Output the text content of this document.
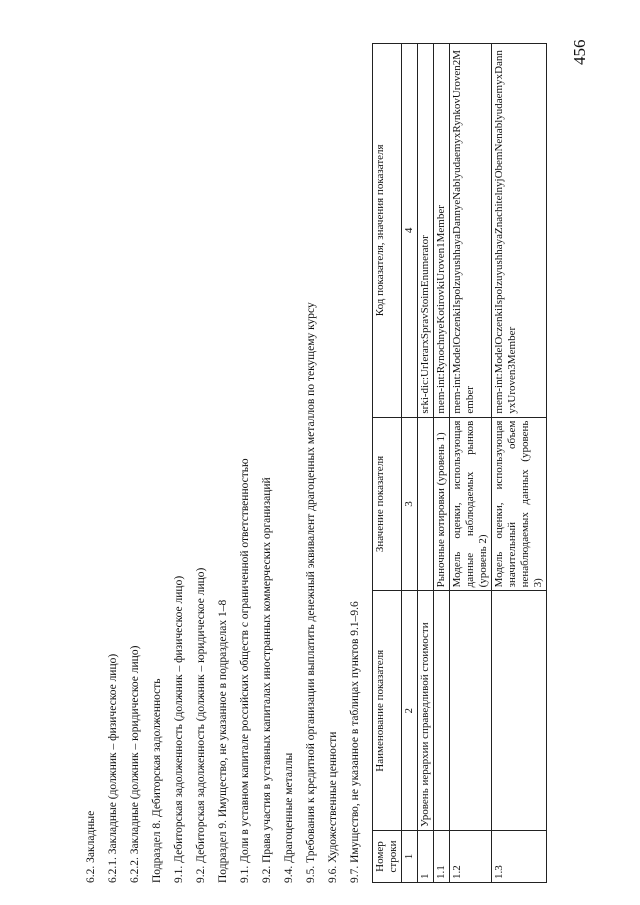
456
6.2. Закладные 6.2.1. Закладные (должник – физическое лицо) 6.2.2. Закладные (должник – юридическое лицо) Подраздел 8. Дебиторская задолженность 9.1. Дебиторская задолженность (должник – физическое лицо) 9.2. Дебиторская задолженность (должник – юридическое лицо) Подраздел 9. Имущество, не указанное в подразделах 1–8 9.1. Доли в уставном капитале российских обществ с ограниченной ответственностью 9.2. Права участия в уставных капиталах иностранных коммерческих организаций 9.4. Драгоценные металлы 9.5. Требования к кредитной организации выплатить денежный эквивалент драгоценных металлов по текущему курсу 9.6. Художественные ценности 9.7. Имущество, не указанное в таблицах пунктов 9.1–9.6 Номер строки	Наименование показателя	Значение показателя	Код показателя, значения показателя
1	2	3	4
1	Уровень иерархии справедливой стоимости		srki-dic:UrIerarxSpravStoimEnumerator
1.1		Рыночные котировки (уровень 1)	mem-int:RynochnyeKotirovkiUroven1Member
1.2		Модель оценки, использующая данные наблюдаемых рынков (уровень 2)	mem-int:ModelOczenkiIspolzuyushhayaDannyeNablyudaemyxRynkovUroven2Member
1.3		Модель оценки, использующая значительный объем ненаблюдаемых данных (уровень 3)	mem-int:ModelOczenkiIspolzuyushhayaZnachitelnyjObemNenablyudaemyxDannyxUroven3Member
